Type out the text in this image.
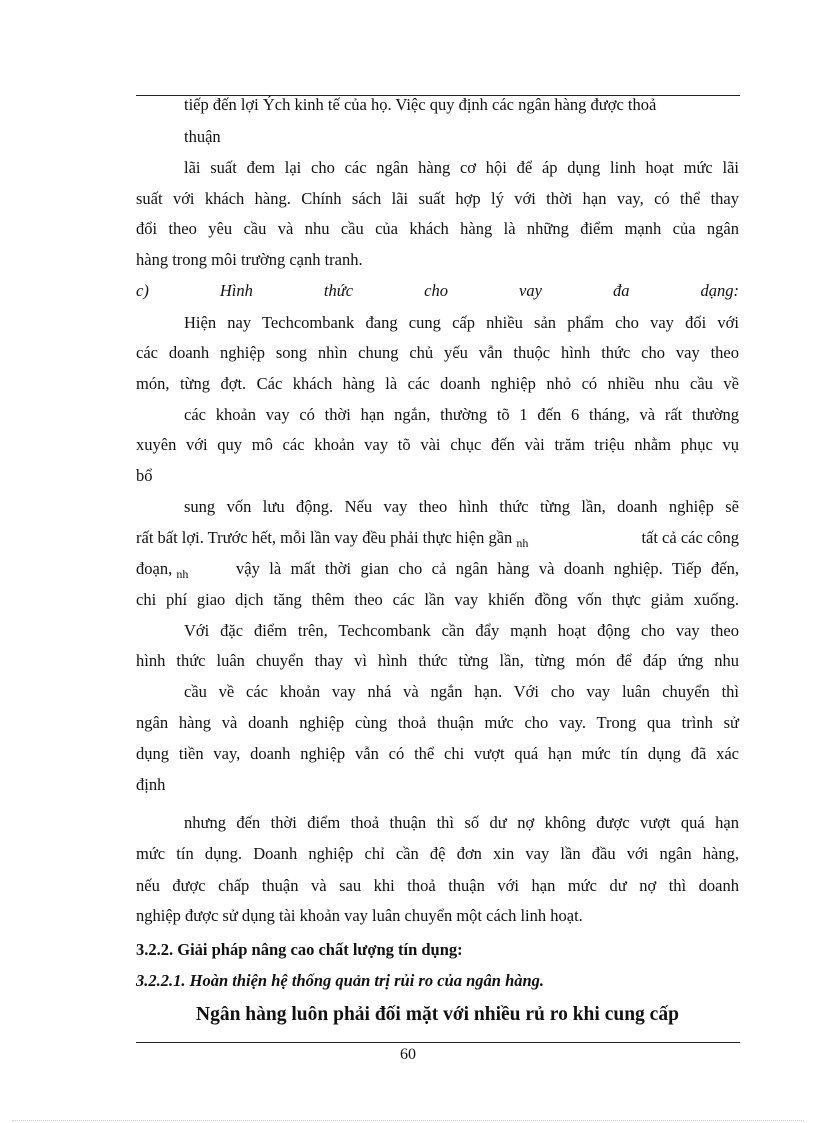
tiếp đến lợi Ých kinh tế của họ. Việc quy định các ngân hàng được thoả
thuận
lãi suất đem lại cho các ngân hàng cơ hội để áp dụng linh hoạt mức lãi
suất với khách hàng. Chính sách lãi suất hợp lý với thời hạn vay, có thể thay
đổi theo yêu cầu và nhu cầu của khách hàng là những điểm mạnh của ngân
hàng trong môi trường cạnh tranh.
c) Hình thức cho vay đa dạng:
Hiện nay Techcombank đang cung cấp nhiều sản phẩm cho vay đối với
các doanh nghiệp song nhìn chung chủ yếu vẫn thuộc hình thức cho vay theo
món, từng đợt. Các khách hàng là các doanh nghiệp nhỏ có nhiều nhu cầu về
các khoản vay có thời hạn ngắn, thường tõ 1 đến 6 tháng, và rất thường
xuyên với quy mô các khoản vay tõ vài chục đến vài trăm triệu nhằm phục vụ
bổ
sung vốn lưu động. Nếu vay theo hình thức từng lần, doanh nghiệp sẽ
rất bất lợi. Trước hết, mỗi lần vay đều phải thực hiện gần $_{nh}$	tất cả các công
đoạn, $_{nh}$	vậy là mất thời gian cho cả ngân hàng và doanh nghiệp. Tiếp đến,
chi phí giao dịch tăng thêm theo các lần vay khiến đồng vốn thực giảm xuống.
Với đặc điểm trên, Techcombank cần đẩy mạnh hoạt động cho vay theo
hình thức luân chuyển thay vì hình thức từng lần, từng món để đáp ứng nhu
cầu về các khoản vay nhá và ngắn hạn. Với cho vay luân chuyển thì
ngân hàng và doanh nghiệp cùng thoả thuận mức cho vay. Trong qua trình sử
dụng tiền vay, doanh nghiệp vẫn có thể chi vượt quá hạn mức tín dụng đã xác
định
nhưng đến thời điểm thoả thuận thì số dư nợ không được vượt quá hạn
mức tín dụng. Doanh nghiệp chỉ cần đệ đơn xin vay lần đầu với ngân hàng,
nếu được chấp thuận và sau khi thoả thuận với hạn mức dư nợ thì doanh
nghiệp được sử dụng tài khoản vay luân chuyển một cách linh hoạt.
3.2.2. Giải pháp nâng cao chất lượng tín dụng:
3.2.2.1. Hoàn thiện hệ thống quản trị rủi ro của ngân hàng.
Ngân hàng luôn phải đối mặt với nhiều rủ ro khi cung cấp
60
